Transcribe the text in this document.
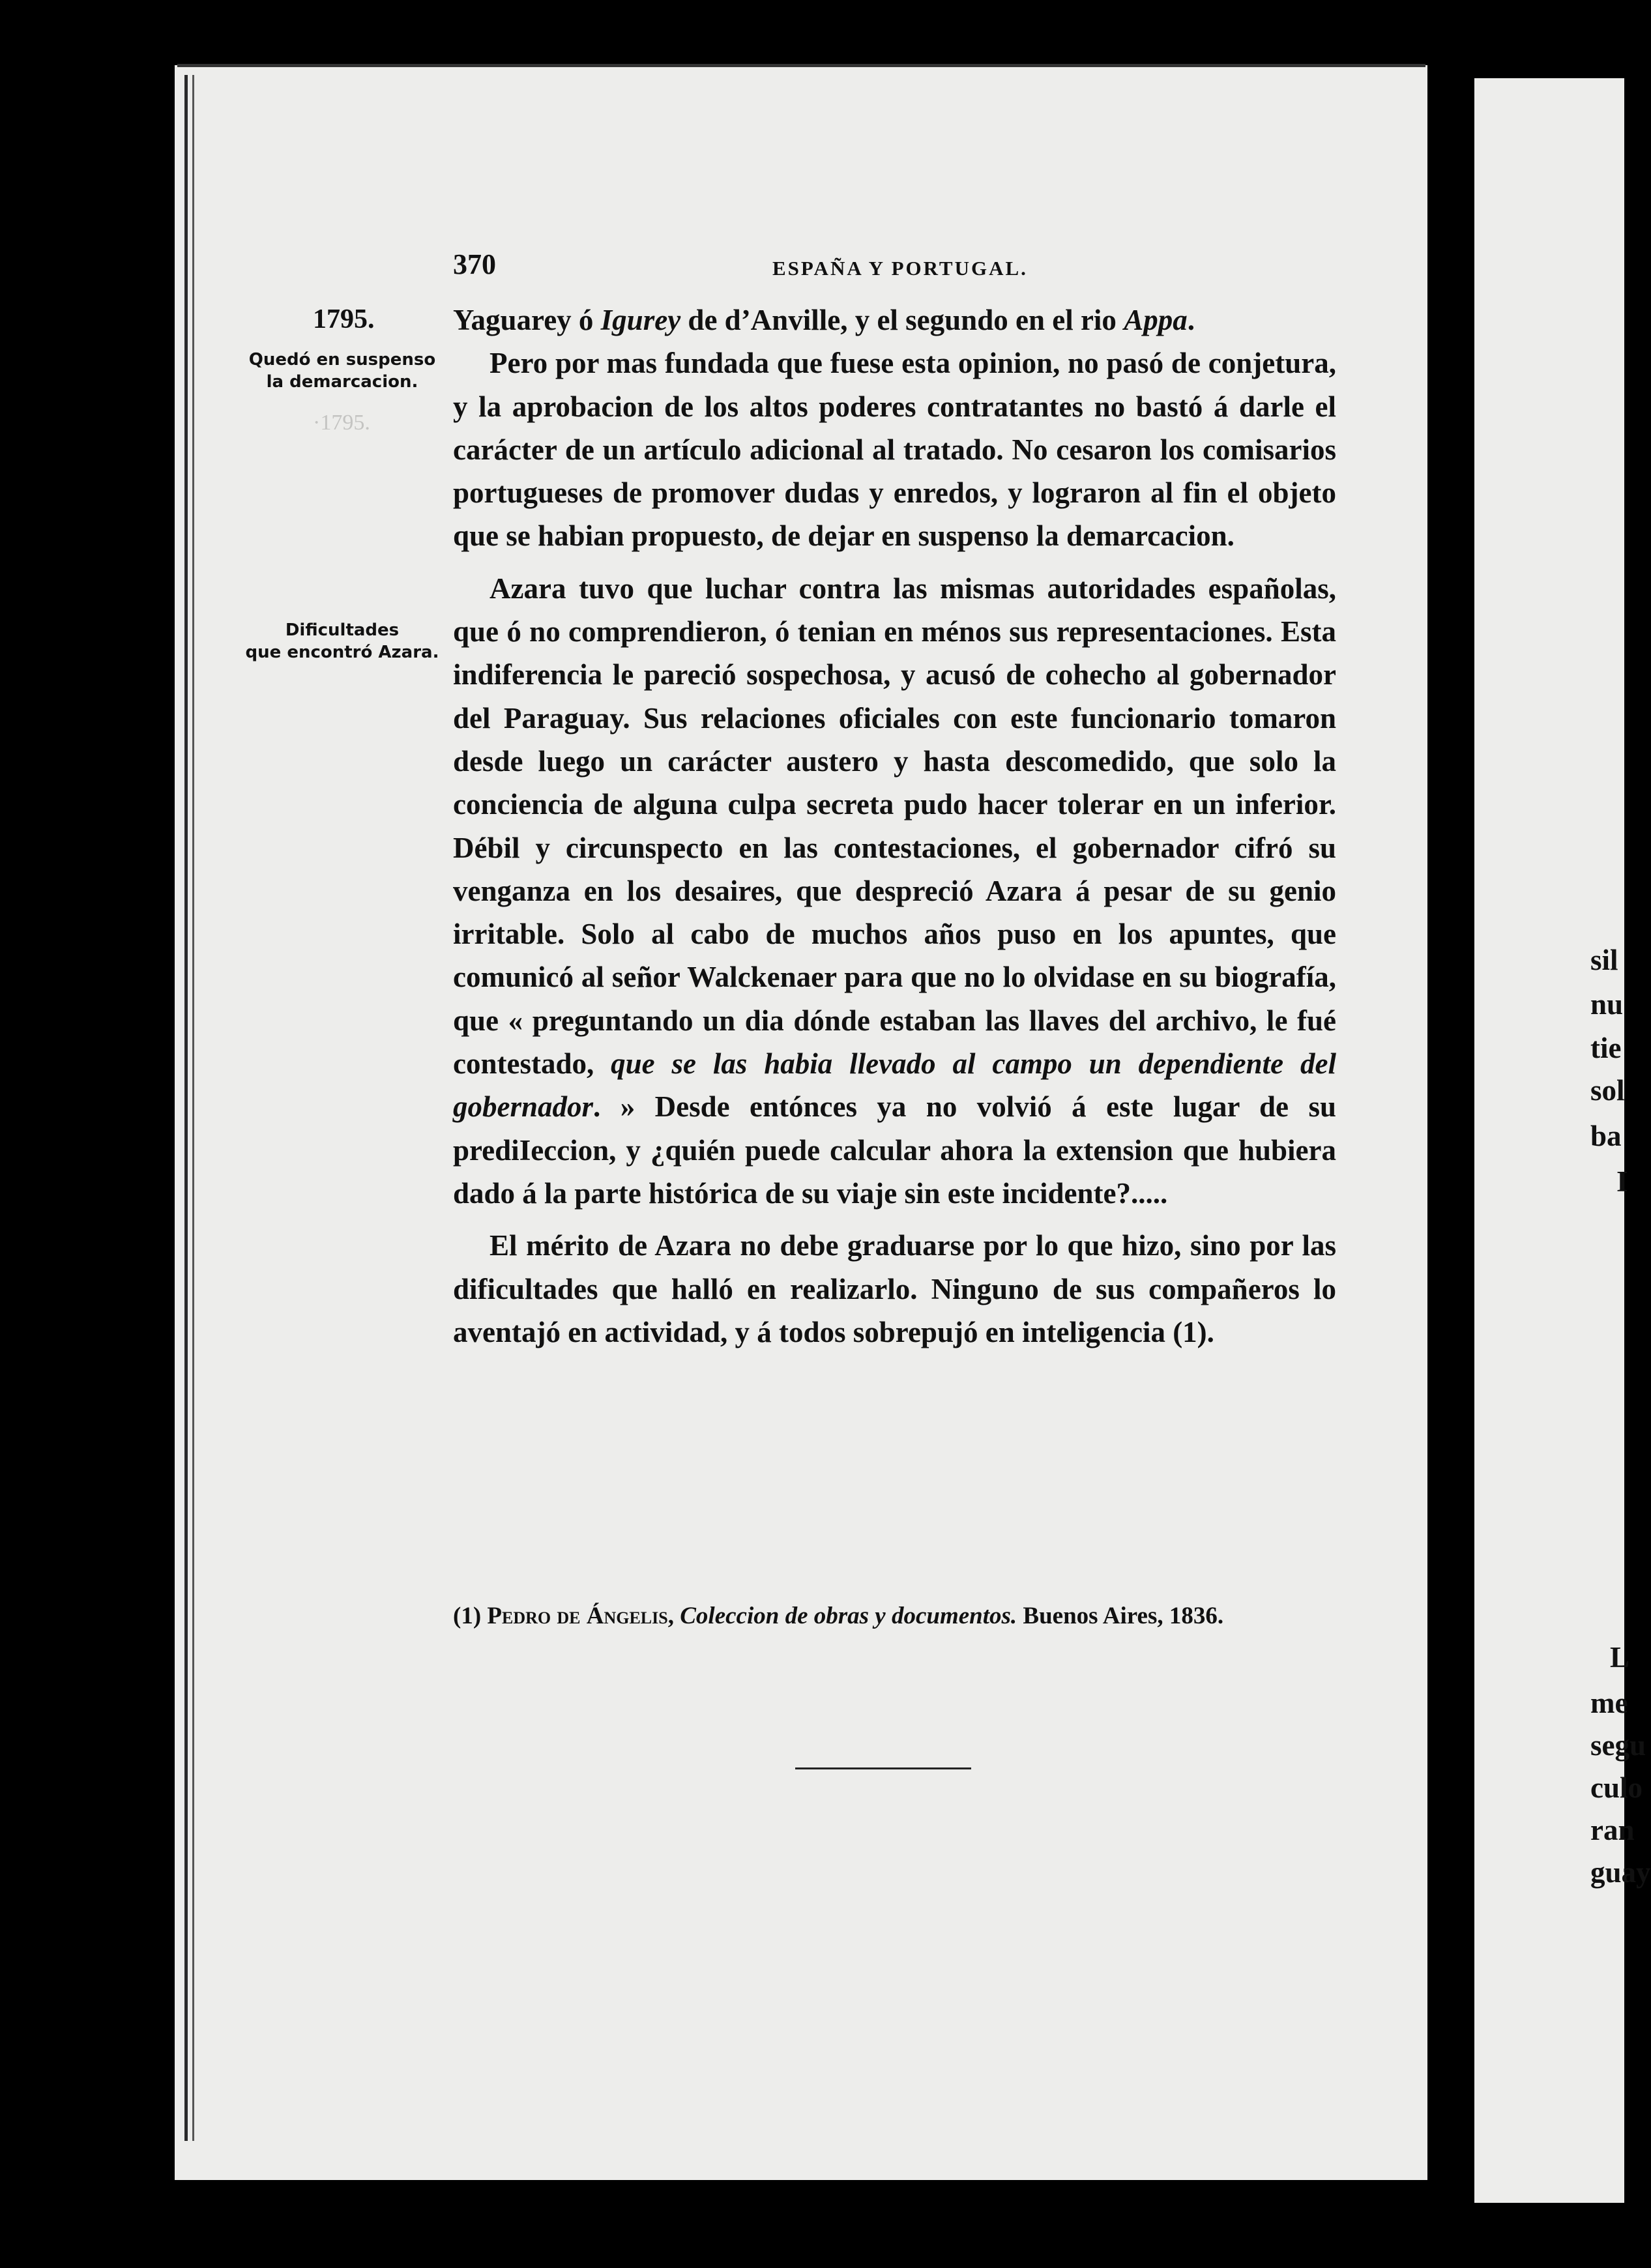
·1795.
370	ESPAÑA Y PORTUGAL.
1795.
Quedó en suspenso
la demarcacion.
Dificultades
que encontró Azara.

Yaguarey ó Igurey de d’Anville, y el segundo en el rio Appa.

Pero por mas fundada que fuese esta opinion, no pasó de conjetura, y la aprobacion de los altos poderes contratantes no bastó á darle el carácter de un artículo adicional al tratado. No cesaron los comisarios portugueses de promover dudas y enredos, y lograron al fin el objeto que se habian propuesto, de dejar en suspenso la demarcacion.

Azara tuvo que luchar contra las mismas autoridades españolas, que ó no comprendieron, ó tenian en ménos sus representaciones. Esta indiferencia le pareció sospechosa, y acusó de cohecho al gobernador del Paraguay. Sus relaciones oficiales con este funcionario tomaron desde luego un carácter austero y hasta descomedido, que solo la conciencia de alguna culpa secreta pudo hacer tolerar en un inferior. Débil y circunspecto en las contestaciones, el gobernador cifró su venganza en los desaires, que despreció Azara á pesar de su genio irritable. Solo al cabo de muchos años puso en los apuntes, que comunicó al señor Walckenaer para que no lo olvidase en su biografía, que « preguntando un dia dónde estaban las llaves del archivo, le fué contestado, que se las habia llevado al campo un dependiente del gobernador. » Desde entónces ya no volvió á este lugar de su prediIeccion, y ¿quién puede calcular ahora la extension que hubiera dado á la parte histórica de su viaje sin este incidente?.....

El mérito de Azara no debe graduarse por lo que hizo, sino por las dificultades que halló en realizarlo. Ninguno de sus compañeros lo aventajó en actividad, y á todos sobrepujó en inteligencia (1).

(1) Pedro de Ángelis, Coleccion de obras y documentos. Buenos Aires, 1836.
sil
nu
tie
sol
ba
I
L
me
segu
culo
ran
guay
